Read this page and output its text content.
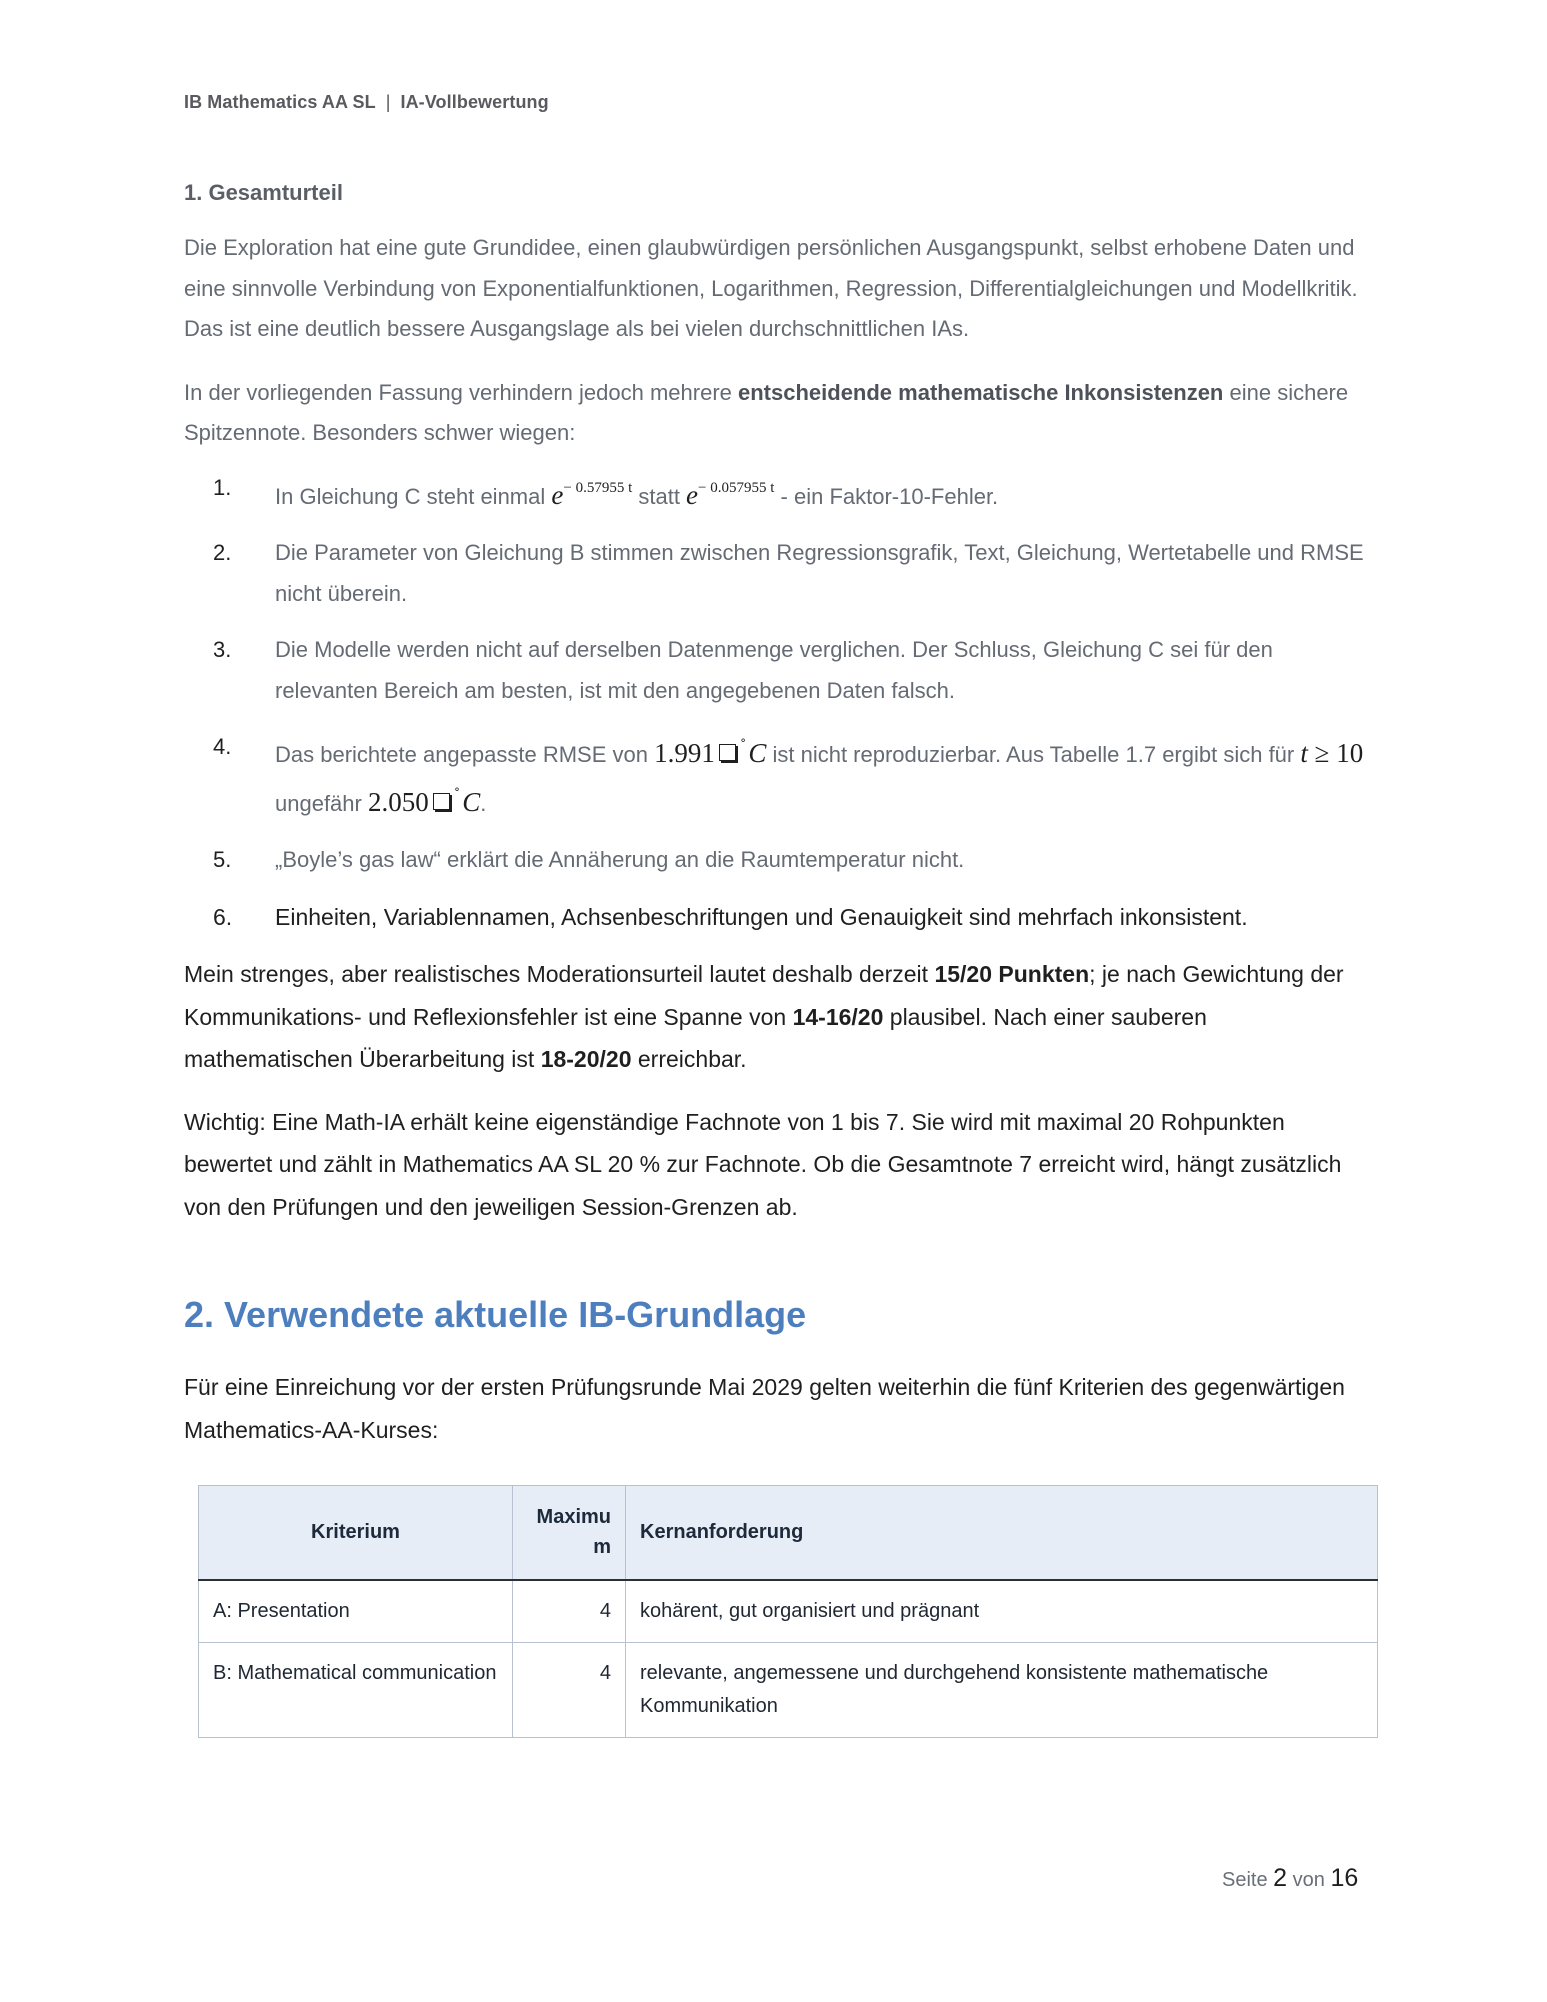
IB Mathematics AA SL | IA-Vollbewertung
1. Gesamturteil

Die Exploration hat eine gute Grundidee, einen glaubwürdigen persönlichen Ausgangspunkt, selbst erhobene Daten und eine sinnvolle Verbindung von Exponentialfunktionen, Logarithmen, Regression, Differentialgleichungen und Modellkritik. Das ist eine deutlich bessere Ausgangslage als bei vielen durchschnittlichen IAs.

In der vorliegenden Fassung verhindern jedoch mehrere entscheidende mathematische Inkonsistenzen eine sichere Spitzennote. Besonders schwer wiegen:

1. In Gleichung C steht einmal $e^{- 0.57955 t}$ statt $e^{- 0.057955 t}$ - ein Faktor-10-Fehler.
2. Die Parameter von Gleichung B stimmen zwischen Regressionsgrafik, Text, Gleichung, Wertetabelle und RMSE nicht überein.
3. Die Modelle werden nicht auf derselben Datenmenge verglichen. Der Schluss, Gleichung C sei für den relevanten Bereich am besten, ist mit den angegebenen Daten falsch.
4. Das berichtete angepasste RMSE von 1.991 ˚C ist nicht reproduzierbar. Aus Tabelle 1.7 ergibt sich für t ≥ 10 ungefähr 2.050 ˚C.
5. „Boyle’s gas law“ erklärt die Annäherung an die Raumtemperatur nicht.
6. Einheiten, Variablennamen, Achsenbeschriftungen und Genauigkeit sind mehrfach inkonsistent.

Mein strenges, aber realistisches Moderationsurteil lautet deshalb derzeit 15/20 Punkten; je nach Gewichtung der Kommunikations- und Reflexionsfehler ist eine Spanne von 14-16/20 plausibel. Nach einer sauberen mathematischen Überarbeitung ist 18-20/20 erreichbar.

Wichtig: Eine Math-IA erhält keine eigenständige Fachnote von 1 bis 7. Sie wird mit maximal 20 Rohpunkten bewertet und zählt in Mathematics AA SL 20 % zur Fachnote. Ob die Gesamtnote 7 erreicht wird, hängt zusätzlich von den Prüfungen und den jeweiligen Session-Grenzen ab.

2. Verwendete aktuelle IB-Grundlage

Für eine Einreichung vor der ersten Prüfungsrunde Mai 2029 gelten weiterhin die fünf Kriterien des gegenwärtigen Mathematics-AA-Kurses:

Kriterium	Maximum	Kernanforderung
A: Presentation	4	kohärent, gut organisiert und prägnant
B: Mathematical communication	4	relevante, angemessene und durchgehend konsistente mathematische Kommunikation
Seite 2 von 16
